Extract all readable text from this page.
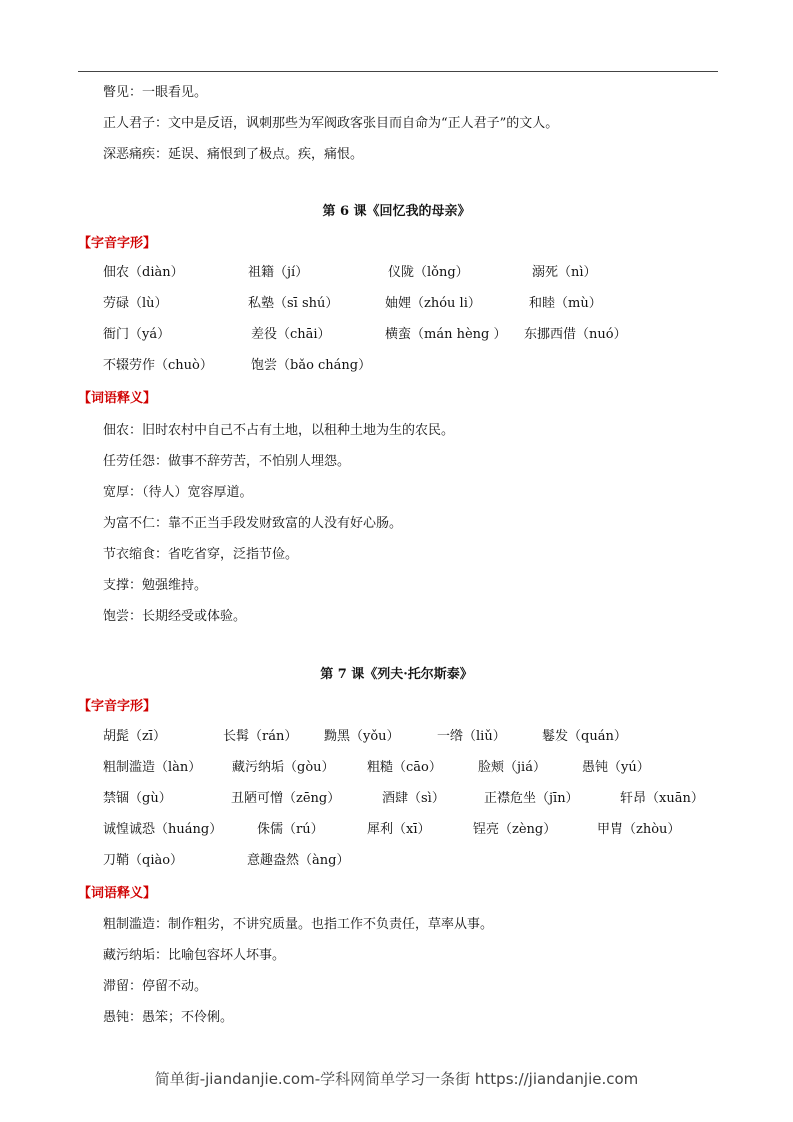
瞥见：一眼看见。
正人君子：文中是反语，讽刺那些为军阀政客张目而自命为“正人君子”的文人。
深恶痛疾：延误、痛恨到了极点。疾，痛恨。
第 6 课《回忆我的母亲》
【字音字形】
佃农（diàn）	祖籍（jí）	仪陇（lǒng）	溺死（nì）
劳碌（lù）	私塾（sī shú）	妯娌（zhóu li）	和睦（mù）
衙门（yá）	差役（chāi）	横蛮（mán hèng ） 东挪西借（nuó）
不辍劳作（chuò）	饱尝（bǎo cháng）
【词语释义】
佃农：旧时农村中自己不占有土地，以租种土地为生的农民。
任劳任怨：做事不辞劳苦，不怕别人埋怨。
宽厚：（待人）宽容厚道。
为富不仁：靠不正当手段发财致富的人没有好心肠。
节衣缩食：省吃省穿，泛指节俭。
支撑：勉强维持。
饱尝：长期经受或体验。
第 7 课《列夫·托尔斯泰》
【字音字形】
胡髭（zī）	长髯（rán） 黝黑（yǒu）	一绺（liǔ）	鬈发（quán）
粗制滥造（làn） 藏污纳垢（gòu） 粗糙（cāo）	脸颊（jiá）	愚钝（yú）
禁锢（gù）	丑陋可憎（zēng）	酒肆（sì）	正襟危坐（jīn）	轩昂（xuān）
诚惶诚恐（huáng）	侏儒（rú）	犀利（xī）	锃亮（zèng）	甲胄（zhòu）
刀鞘（qiào）	意趣盎然（àng）
【词语释义】
粗制滥造：制作粗劣，不讲究质量。也指工作不负责任，草率从事。
藏污纳垢：比喻包容坏人坏事。
滞留：停留不动。
愚钝：愚笨；不伶俐。
简单街-jiandanjie.com-学科网简单学习一条街 https://jiandanjie.com
